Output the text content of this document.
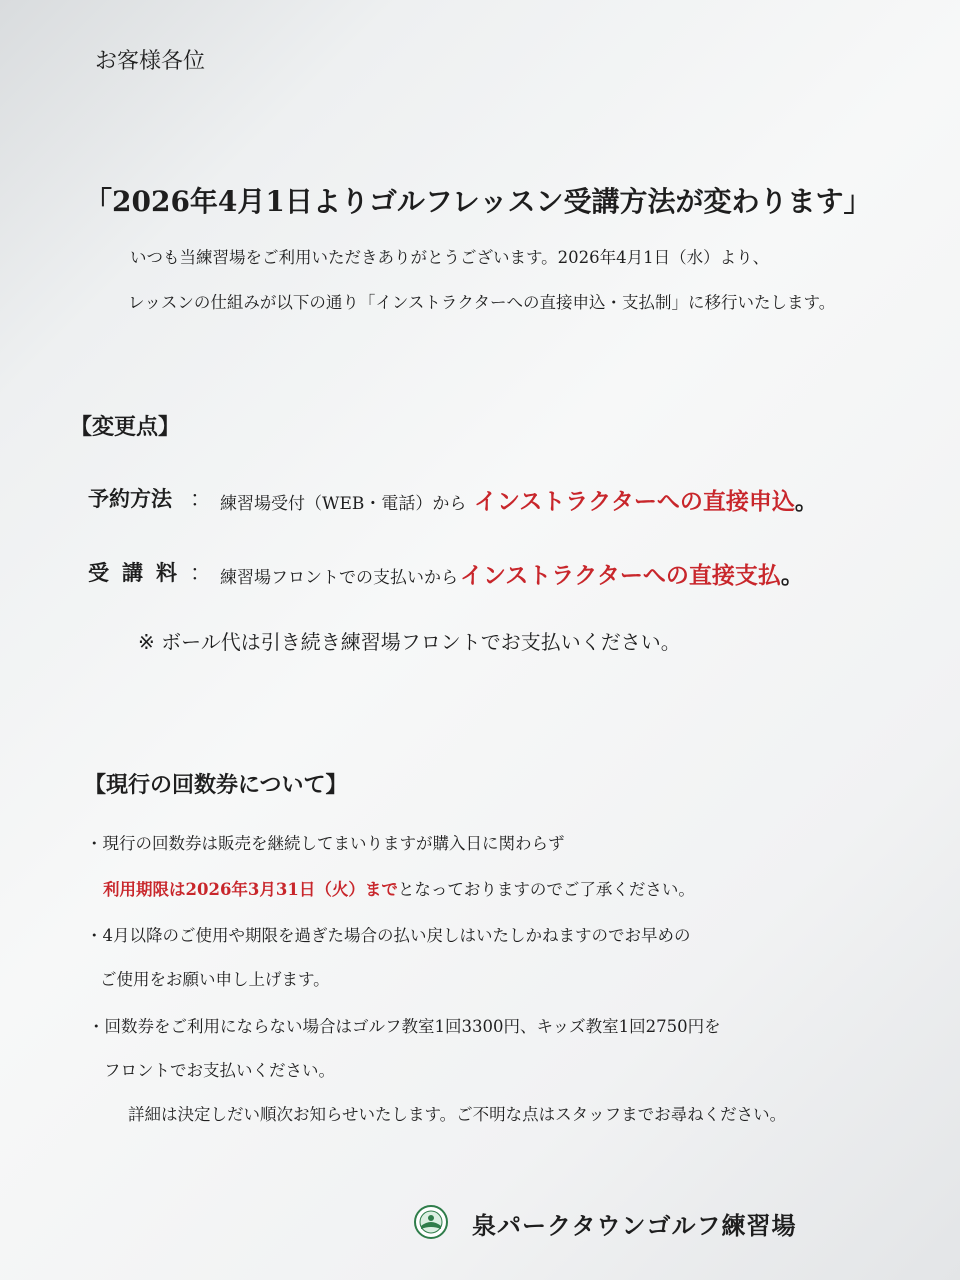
お客様各位
「2026年4月1日よりゴルフレッスン受講方法が変わります」

いつも当練習場をご利用いただきありがとうございます。2026年4月1日（水）より、

レッスンの仕組みが以下の通り「インストラクターへの直接申込・支払制」に移行いたします。

【変更点】
予約方法 ： 練習場受付（WEB・電話）から インストラクターへの直接申込。
受講料 ： 練習場フロントでの支払いから インストラクターへの直接支払。

※ ボール代は引き続き練習場フロントでお支払いください。

【現行の回数券について】

・現行の回数券は販売を継続してまいりますが購入日に関わらず

利用期限は2026年3月31日（火）までとなっておりますのでご了承ください。

・4月以降のご使用や期限を過ぎた場合の払い戻しはいたしかねますのでお早めの

ご使用をお願い申し上げます。

・回数券をご利用にならない場合はゴルフ教室1回3300円、キッズ教室1回2750円を

フロントでお支払いください。

詳細は決定しだい順次お知らせいたします。ご不明な点はスタッフまでお尋ねください。

泉パークタウンゴルフ練習場
